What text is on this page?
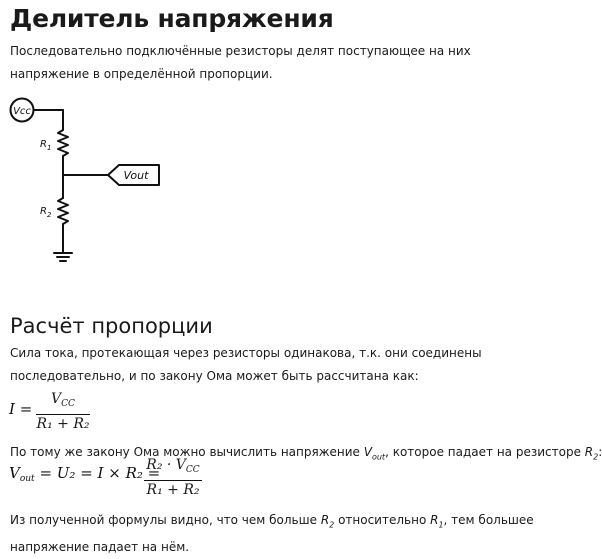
Делитель напряжения
Последовательно подключённые резисторы делят поступающее на них напряжение в определённой пропорции.
Vcc
$R_1$
$R_2$
Vout
Расчёт пропорции
Сила тока, протекающая через резисторы одинакова, т.к. они соединены последовательно, и по закону Ома может быть рассчитана как:
I =
$V_{CC}$
R₁ + R₂
По тому же закону Ома можно вычислить напряжение $V_{out}$, которое падает на резисторе $R_2$:
$V_{out} = U_2 = I \times R_2$ =
$R_2 \cdot V_{CC}$
R₁ + R₂
Из полученной формулы видно, что чем больше $R_2$ относительно $R_1$, тем большее напряжение падает на нём.
